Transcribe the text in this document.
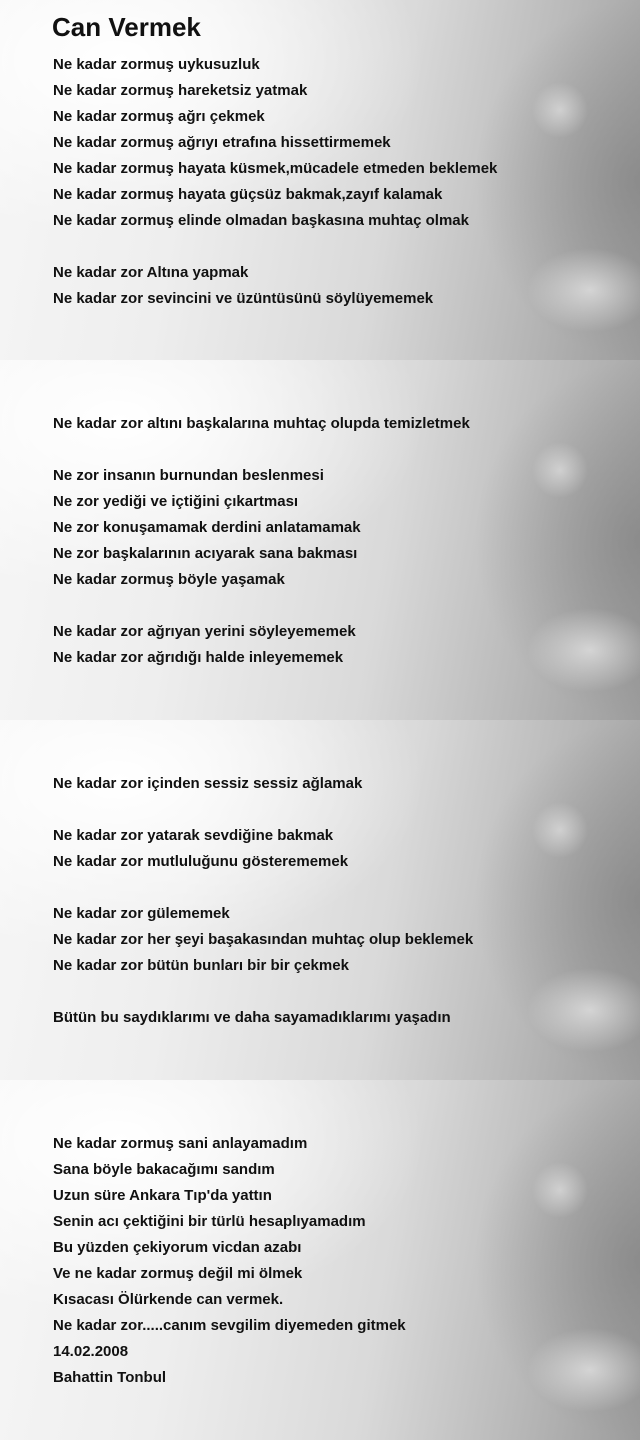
Can Vermek
Ne kadar zormuş uykusuzluk
Ne kadar zormuş hareketsiz yatmak
Ne kadar zormuş ağrı çekmek
Ne kadar zormuş ağrıyı etrafına hissettirmemek
Ne kadar zormuş hayata küsmek,mücadele etmeden beklemek
Ne kadar zormuş hayata güçsüz bakmak,zayıf kalamak
Ne kadar zormuş elinde olmadan başkasına muhtaç olmak
Ne kadar zor Altına yapmak
Ne kadar zor sevincini ve üzüntüsünü söylüyememek
Ne kadar zor altını başkalarına muhtaç olupda temizletmek
Ne zor insanın burnundan beslenmesi
Ne zor yediği ve içtiğini çıkartması
Ne zor konuşamamak derdini anlatamamak
Ne zor başkalarının acıyarak sana bakması
Ne kadar zormuş böyle yaşamak
Ne kadar zor ağrıyan yerini söyleyememek
Ne kadar zor ağrıdığı halde inleyememek
Ne kadar zor içinden sessiz sessiz ağlamak
Ne kadar zor yatarak sevdiğine bakmak
Ne kadar zor mutluluğunu gösterememek
Ne kadar zor gülememek
Ne kadar zor her şeyi başakasından muhtaç olup beklemek
Ne kadar zor bütün bunları bir bir çekmek
Bütün bu saydıklarımı ve daha sayamadıklarımı yaşadın
Ne kadar zormuş sani anlayamadım
Sana böyle bakacağımı sandım
Uzun süre Ankara Tıp'da yattın
Senin acı çektiğini bir türlü hesaplıyamadım
Bu yüzden çekiyorum vicdan azabı
Ve ne kadar zormuş değil mi ölmek
Kısacası Ölürkende can vermek.
Ne kadar zor.....canım sevgilim diyemeden gitmek
14.02.2008
Bahattin Tonbul
